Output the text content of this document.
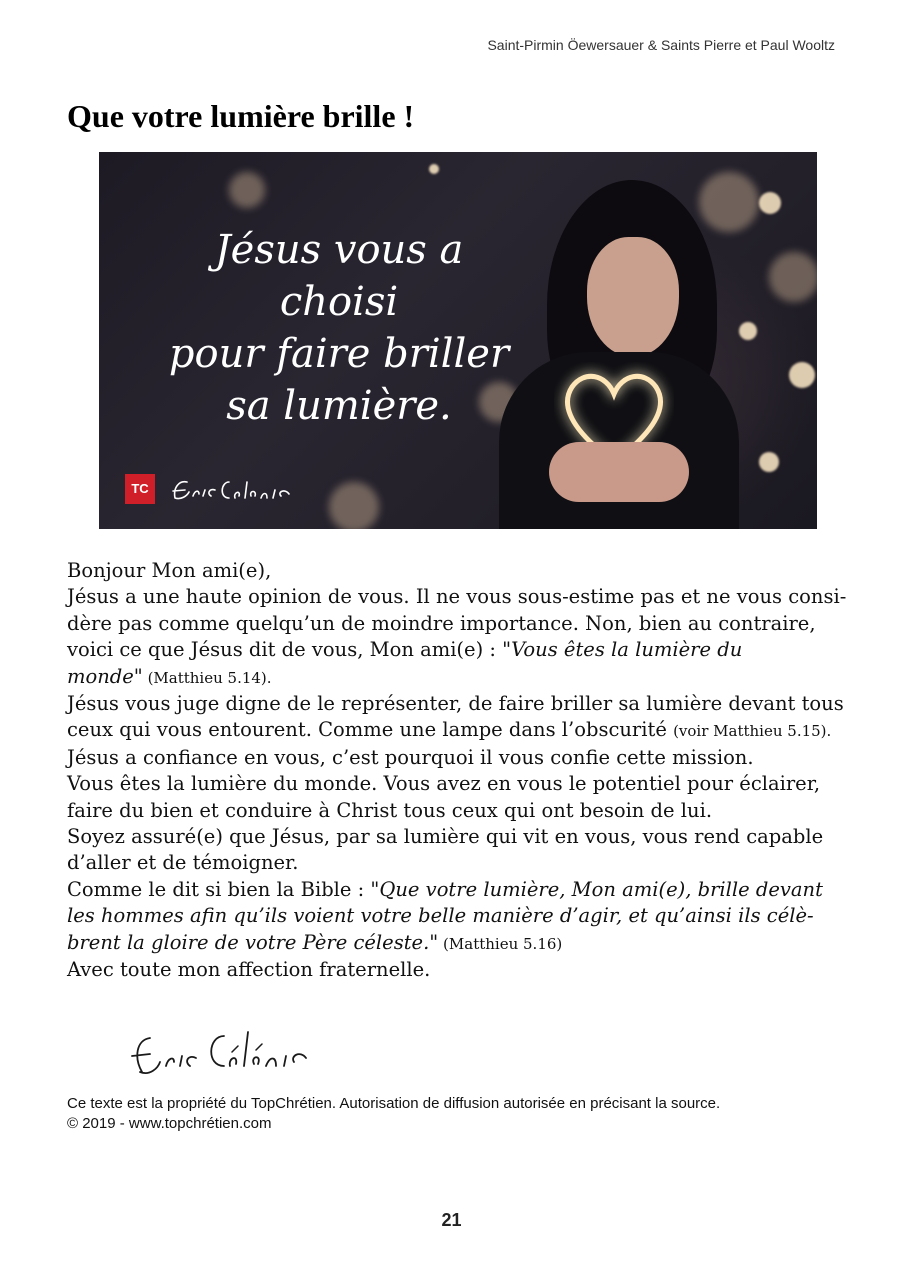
Saint-Pirmin Öewersauer & Saints Pierre et Paul Wooltz
Que votre lumière brille !

Jésus vous a choisi
pour faire briller
sa lumière.

TC
Bonjour Mon ami(e),
Jésus a une haute opinion de vous. Il ne vous sous-estime pas et ne vous consi-
dère pas comme quelqu’un de moindre importance. Non, bien au contraire,
voici ce que Jésus dit de vous, Mon ami(e) : "Vous êtes la lumière du
monde" (Matthieu 5.14).
Jésus vous juge digne de le représenter, de faire briller sa lumière devant tous
ceux qui vous entourent. Comme une lampe dans l’obscurité (voir Matthieu 5.15).
Jésus a confiance en vous, c’est pourquoi il vous confie cette mission.
Vous êtes la lumière du monde. Vous avez en vous le potentiel pour éclairer,
faire du bien et conduire à Christ tous ceux qui ont besoin de lui.
Soyez assuré(e) que Jésus, par sa lumière qui vit en vous, vous rend capable
d’aller et de témoigner.
Comme le dit si bien la Bible : "Que votre lumière, Mon ami(e), brille devant
les hommes afin qu’ils voient votre belle manière d’agir, et qu’ainsi ils célè-
brent la gloire de votre Père céleste." (Matthieu 5.16)
Avec toute mon affection fraternelle.
Ce texte est la propriété du TopChrétien. Autorisation de diffusion autorisée en précisant la source.
© 2019 - www.topchrétien.com
21
